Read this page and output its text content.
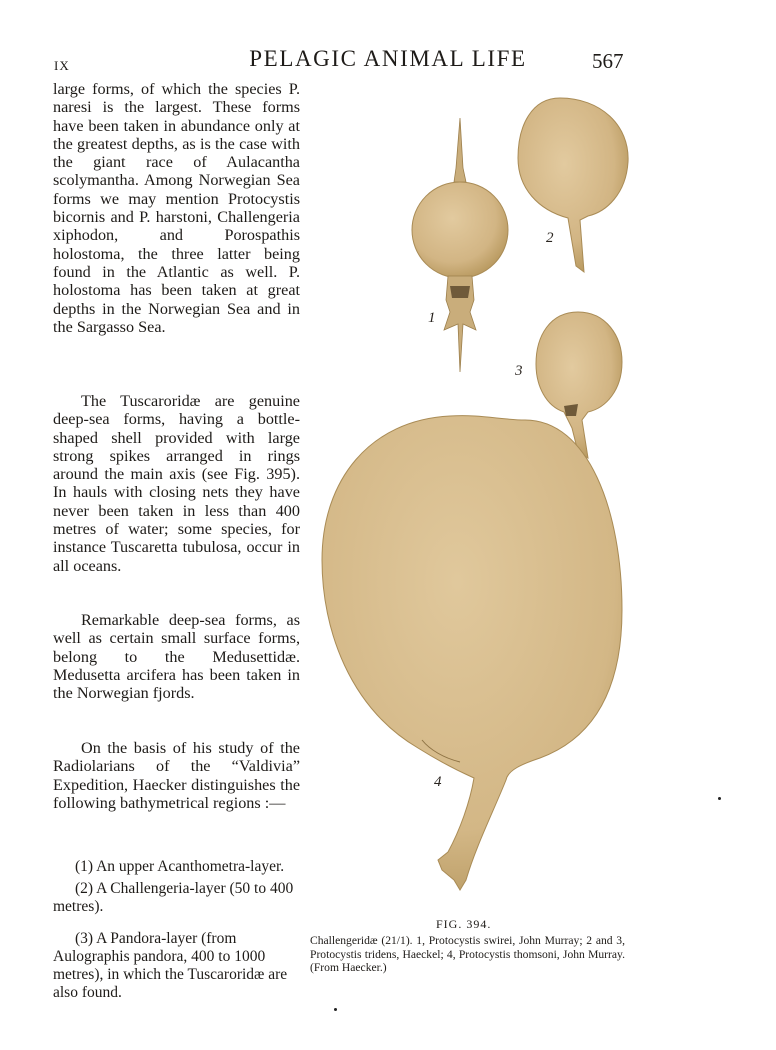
IX	PELAGIC ANIMAL LIFE	567

large forms, of which the species P. naresi is the largest. These forms have been taken in abundance only at the greatest depths, as is the case with the giant race of Aulacantha scolymantha. Among Norwegian Sea forms we may mention Protocystis bicornis and P. harstoni, Challengeria xiphodon, and Porospathis holostoma, the three latter being found in the Atlantic as well. P. holostoma has been taken at great depths in the Norwegian Sea and in the Sargasso Sea.

The Tuscaroridæ are genuine deep-sea forms, having a bottle-shaped shell provided with large strong spikes arranged in rings around the main axis (see Fig. 395). In hauls with closing nets they have never been taken in less than 400 metres of water; some species, for instance Tuscaretta tubulosa, occur in all oceans.

Remarkable deep-sea forms, as well as certain small surface forms, belong to the Medusettidæ. Medusetta arcifera has been taken in the Norwegian fjords.

On the basis of his study of the Radiolarians of the “Valdivia” Expedition, Haecker distinguishes the following bathymetrical regions :—

(1) An upper Acanthometra-layer.

(2) A Challengeria-layer (50 to 400 metres).

(3) A Pandora-layer (from Aulographis pandora, 400 to 1000 metres), in which the Tuscaroridæ are also found.
1
2
3
4
FIG. 394.
Challengeridæ (21/1). 1, Protocystis swirei, John Murray; 2 and 3, Protocystis tridens, Haeckel; 4, Protocystis thomsoni, John Murray. (From Haecker.)
